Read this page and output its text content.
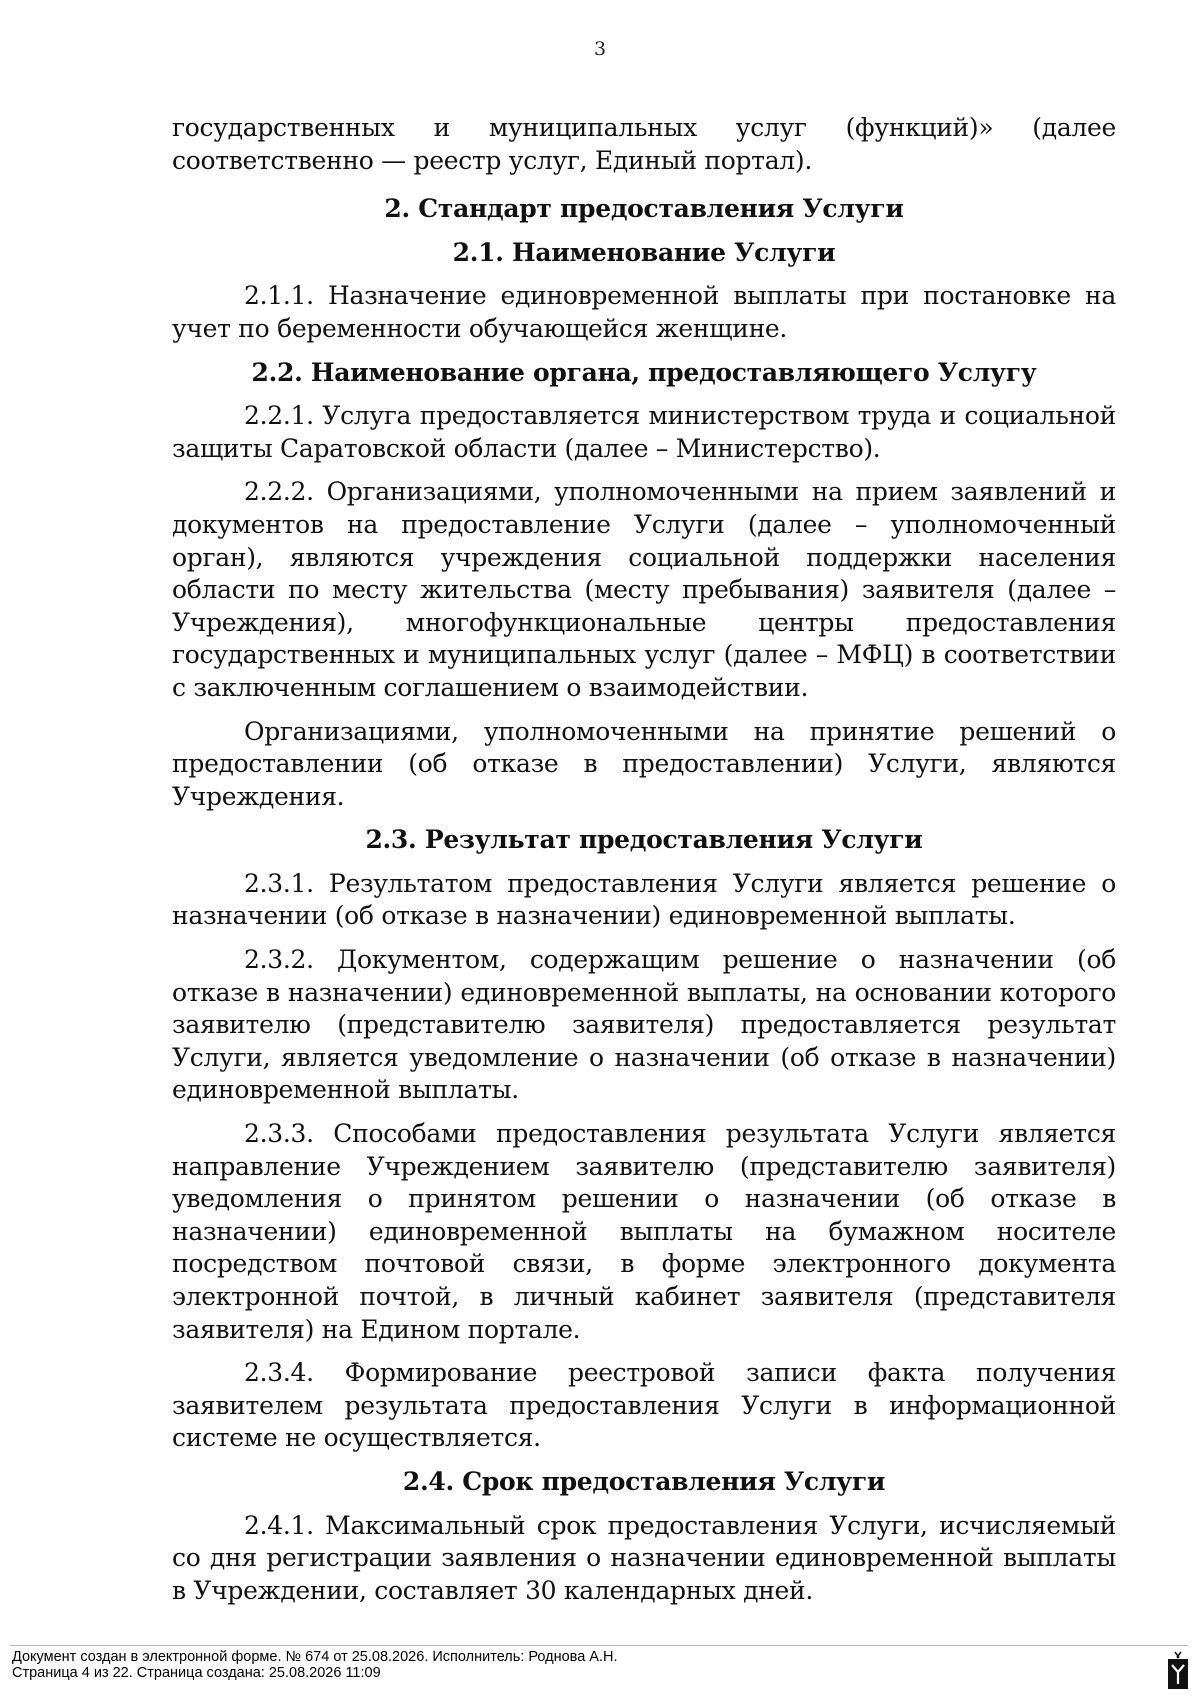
3

государственных и муниципальных услуг (функций)» (далее соответственно — реестр услуг, Единый портал).

2. Стандарт предоставления Услуги
2.1. Наименование Услуги

2.1.1. Назначение единовременной выплаты при постановке на учет по беременности обучающейся женщине.

2.2. Наименование органа, предоставляющего Услугу

2.2.1. Услуга предоставляется министерством труда и социальной защиты Саратовской области (далее – Министерство).

2.2.2. Организациями, уполномоченными на прием заявлений и документов на предоставление Услуги (далее – уполномоченный орган), являются учреждения социальной поддержки населения области по месту жительства (месту пребывания) заявителя (далее – Учреждения), многофункциональные центры предоставления государственных и муниципальных услуг (далее – МФЦ) в соответствии с заключенным соглашением о взаимодействии.

Организациями, уполномоченными на принятие решений о предоставлении (об отказе в предоставлении) Услуги, являются Учреждения.

2.3. Результат предоставления Услуги

2.3.1. Результатом предоставления Услуги является решение о назначении (об отказе в назначении) единовременной выплаты.

2.3.2. Документом, содержащим решение о назначении (об отказе в назначении) единовременной выплаты, на основании которого заявителю (представителю заявителя) предоставляется результат Услуги, является уведомление о назначении (об отказе в назначении) единовременной выплаты.

2.3.3. Способами предоставления результата Услуги является направление Учреждением заявителю (представителю заявителя) уведомления о принятом решении о назначении (об отказе в назначении) единовременной выплаты на бумажном носителе посредством почтовой связи, в форме электронного документа электронной почтой, в личный кабинет заявителя (представителя заявителя) на Едином портале.

2.3.4. Формирование реестровой записи факта получения заявителем результата предоставления Услуги в информационной системе не осуществляется.

2.4. Срок предоставления Услуги

2.4.1. Максимальный срок предоставления Услуги, исчисляемый со дня регистрации заявления о назначении единовременной выплаты в Учреждении, составляет 30 календарных дней.

Документ создан в электронной форме. № 674 от 25.08.2026. Исполнитель: Роднова А.Н.
Страница 4 из 22. Страница создана: 25.08.2026 11:09
